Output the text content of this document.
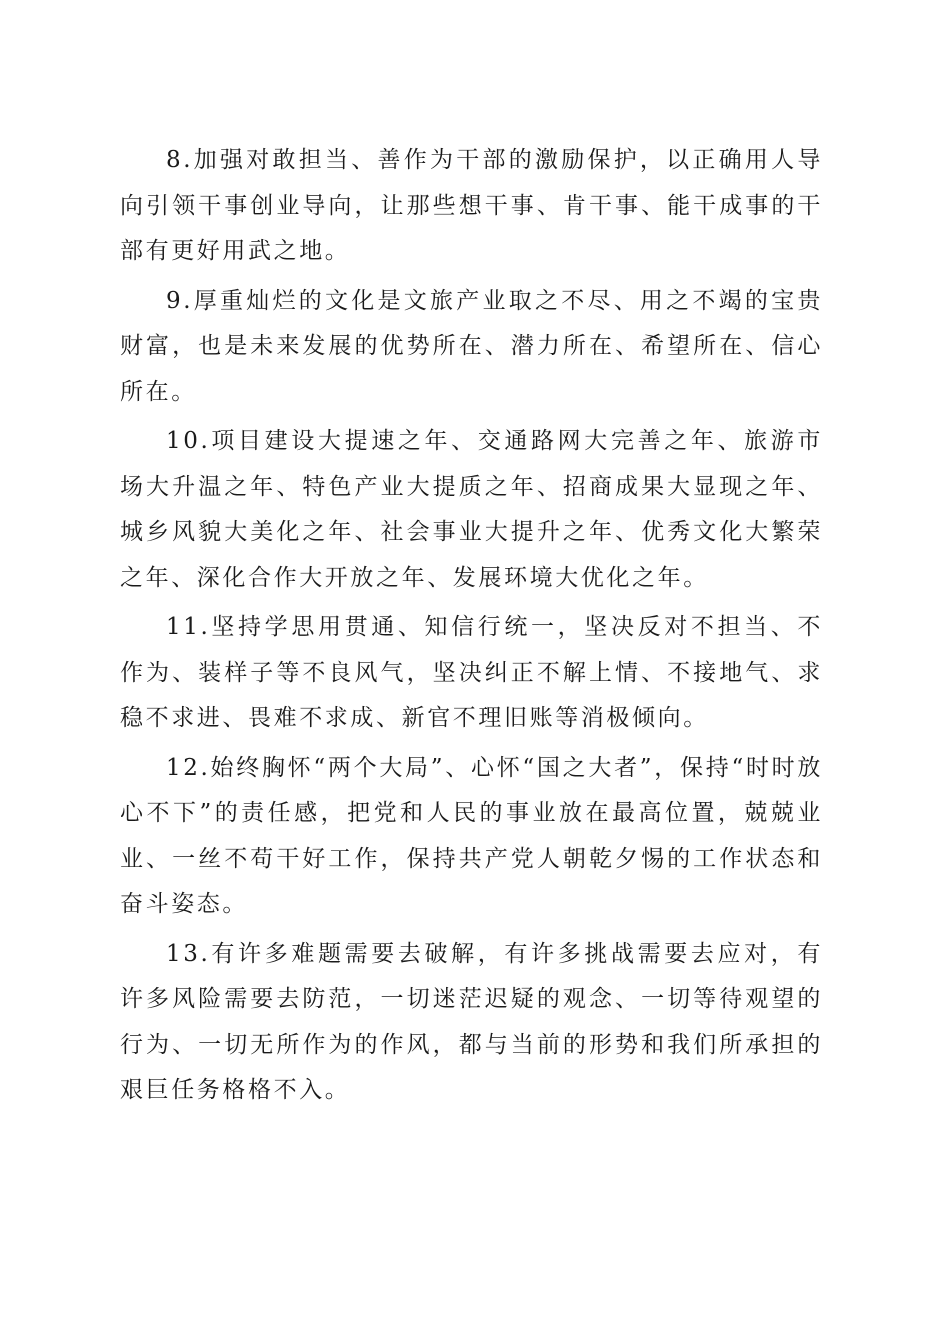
8.加强对敢担当、善作为干部的激励保护，以正确用人导向引领干事创业导向，让那些想干事、肯干事、能干成事的干部有更好用武之地。

9.厚重灿烂的文化是文旅产业取之不尽、用之不竭的宝贵财富，也是未来发展的优势所在、潜力所在、希望所在、信心所在。

10.项目建设大提速之年、交通路网大完善之年、旅游市场大升温之年、特色产业大提质之年、招商成果大显现之年、城乡风貌大美化之年、社会事业大提升之年、优秀文化大繁荣之年、深化合作大开放之年、发展环境大优化之年。

11.坚持学思用贯通、知信行统一，坚决反对不担当、不作为、装样子等不良风气，坚决纠正不解上情、不接地气、求稳不求进、畏难不求成、新官不理旧账等消极倾向。

12.始终胸怀“两个大局”、心怀“国之大者”，保持“时时放心不下”的责任感，把党和人民的事业放在最高位置，兢兢业业、一丝不苟干好工作，保持共产党人朝乾夕惕的工作状态和奋斗姿态。

13.有许多难题需要去破解，有许多挑战需要去应对，有许多风险需要去防范，一切迷茫迟疑的观念、一切等待观望的行为、一切无所作为的作风，都与当前的形势和我们所承担的艰巨任务格格不入。
